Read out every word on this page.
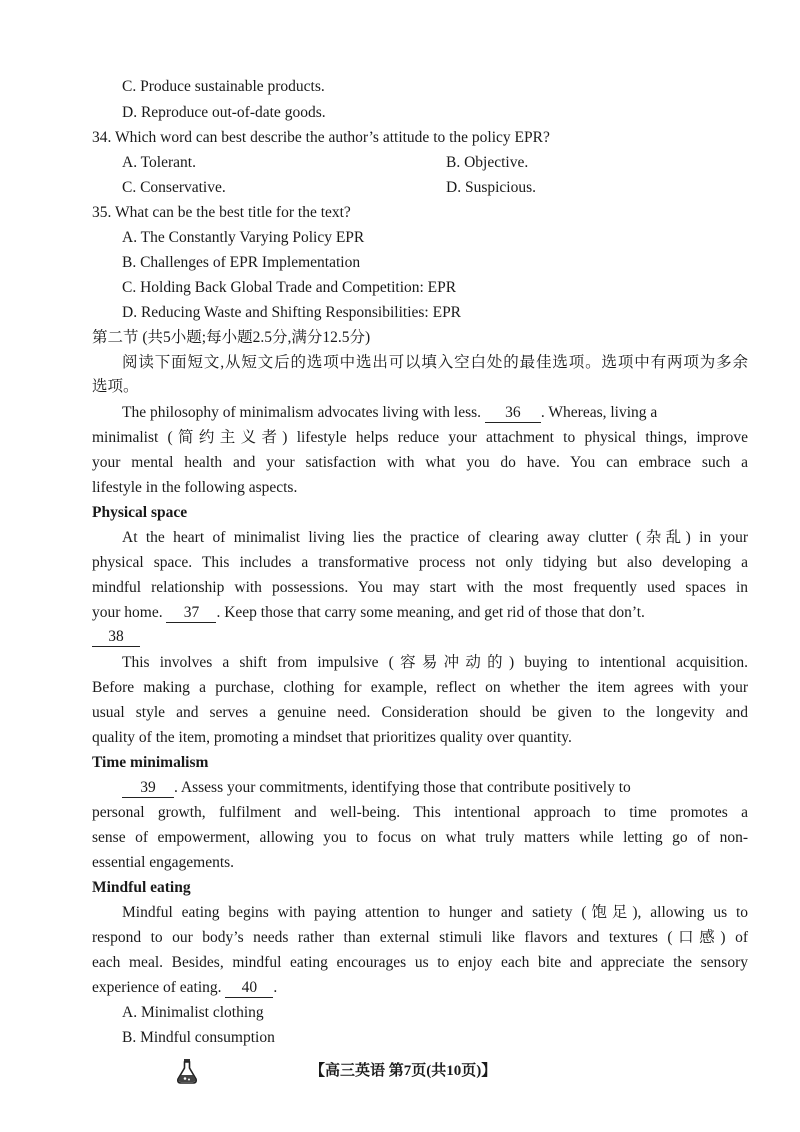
C. Produce sustainable products.
D. Reproduce out-of-date goods.
34. Which word can best describe the author’s attitude to the policy EPR?
A. Tolerant.	B. Objective.
C. Conservative.	D. Suspicious.
35. What can be the best title for the text?
A. The Constantly Varying Policy EPR
B. Challenges of EPR Implementation
C. Holding Back Global Trade and Competition: EPR
D. Reducing Waste and Shifting Responsibilities: EPR
第二节 (共5小题;每小题2.5分,满分12.5分)
阅读下面短文,从短文后的选项中选出可以填入空白处的最佳选项。选项中有两项为多余
选项。
The philosophy of minimalism advocates living with less. 36 . Whereas, living a
minimalist (简约主义者) lifestyle helps reduce your attachment to physical things, improve
your mental health and your satisfaction with what you do have. You can embrace such a
lifestyle in the following aspects.
Physical space
At the heart of minimalist living lies the practice of clearing away clutter (杂乱) in your
physical space. This includes a transformative process not only tidying but also developing a
mindful relationship with possessions. You may start with the most frequently used spaces in
your home. 37 . Keep those that carry some meaning, and get rid of those that don’t.
38
This involves a shift from impulsive (容易冲动的) buying to intentional acquisition.
Before making a purchase, clothing for example, reflect on whether the item agrees with your
usual style and serves a genuine need. Consideration should be given to the longevity and
quality of the item, promoting a mindset that prioritizes quality over quantity.
Time minimalism
39 . Assess your commitments, identifying those that contribute positively to
personal growth, fulfilment and well-being. This intentional approach to time promotes a
sense of empowerment, allowing you to focus on what truly matters while letting go of non-
essential engagements.
Mindful eating
Mindful eating begins with paying attention to hunger and satiety (饱足), allowing us to
respond to our body’s needs rather than external stimuli like flavors and textures (口感) of
each meal. Besides, mindful eating encourages us to enjoy each bite and appreciate the sensory
experience of eating. 40 .
A. Minimalist clothing
B. Mindful consumption
【高三英语 第7页(共10页)】
